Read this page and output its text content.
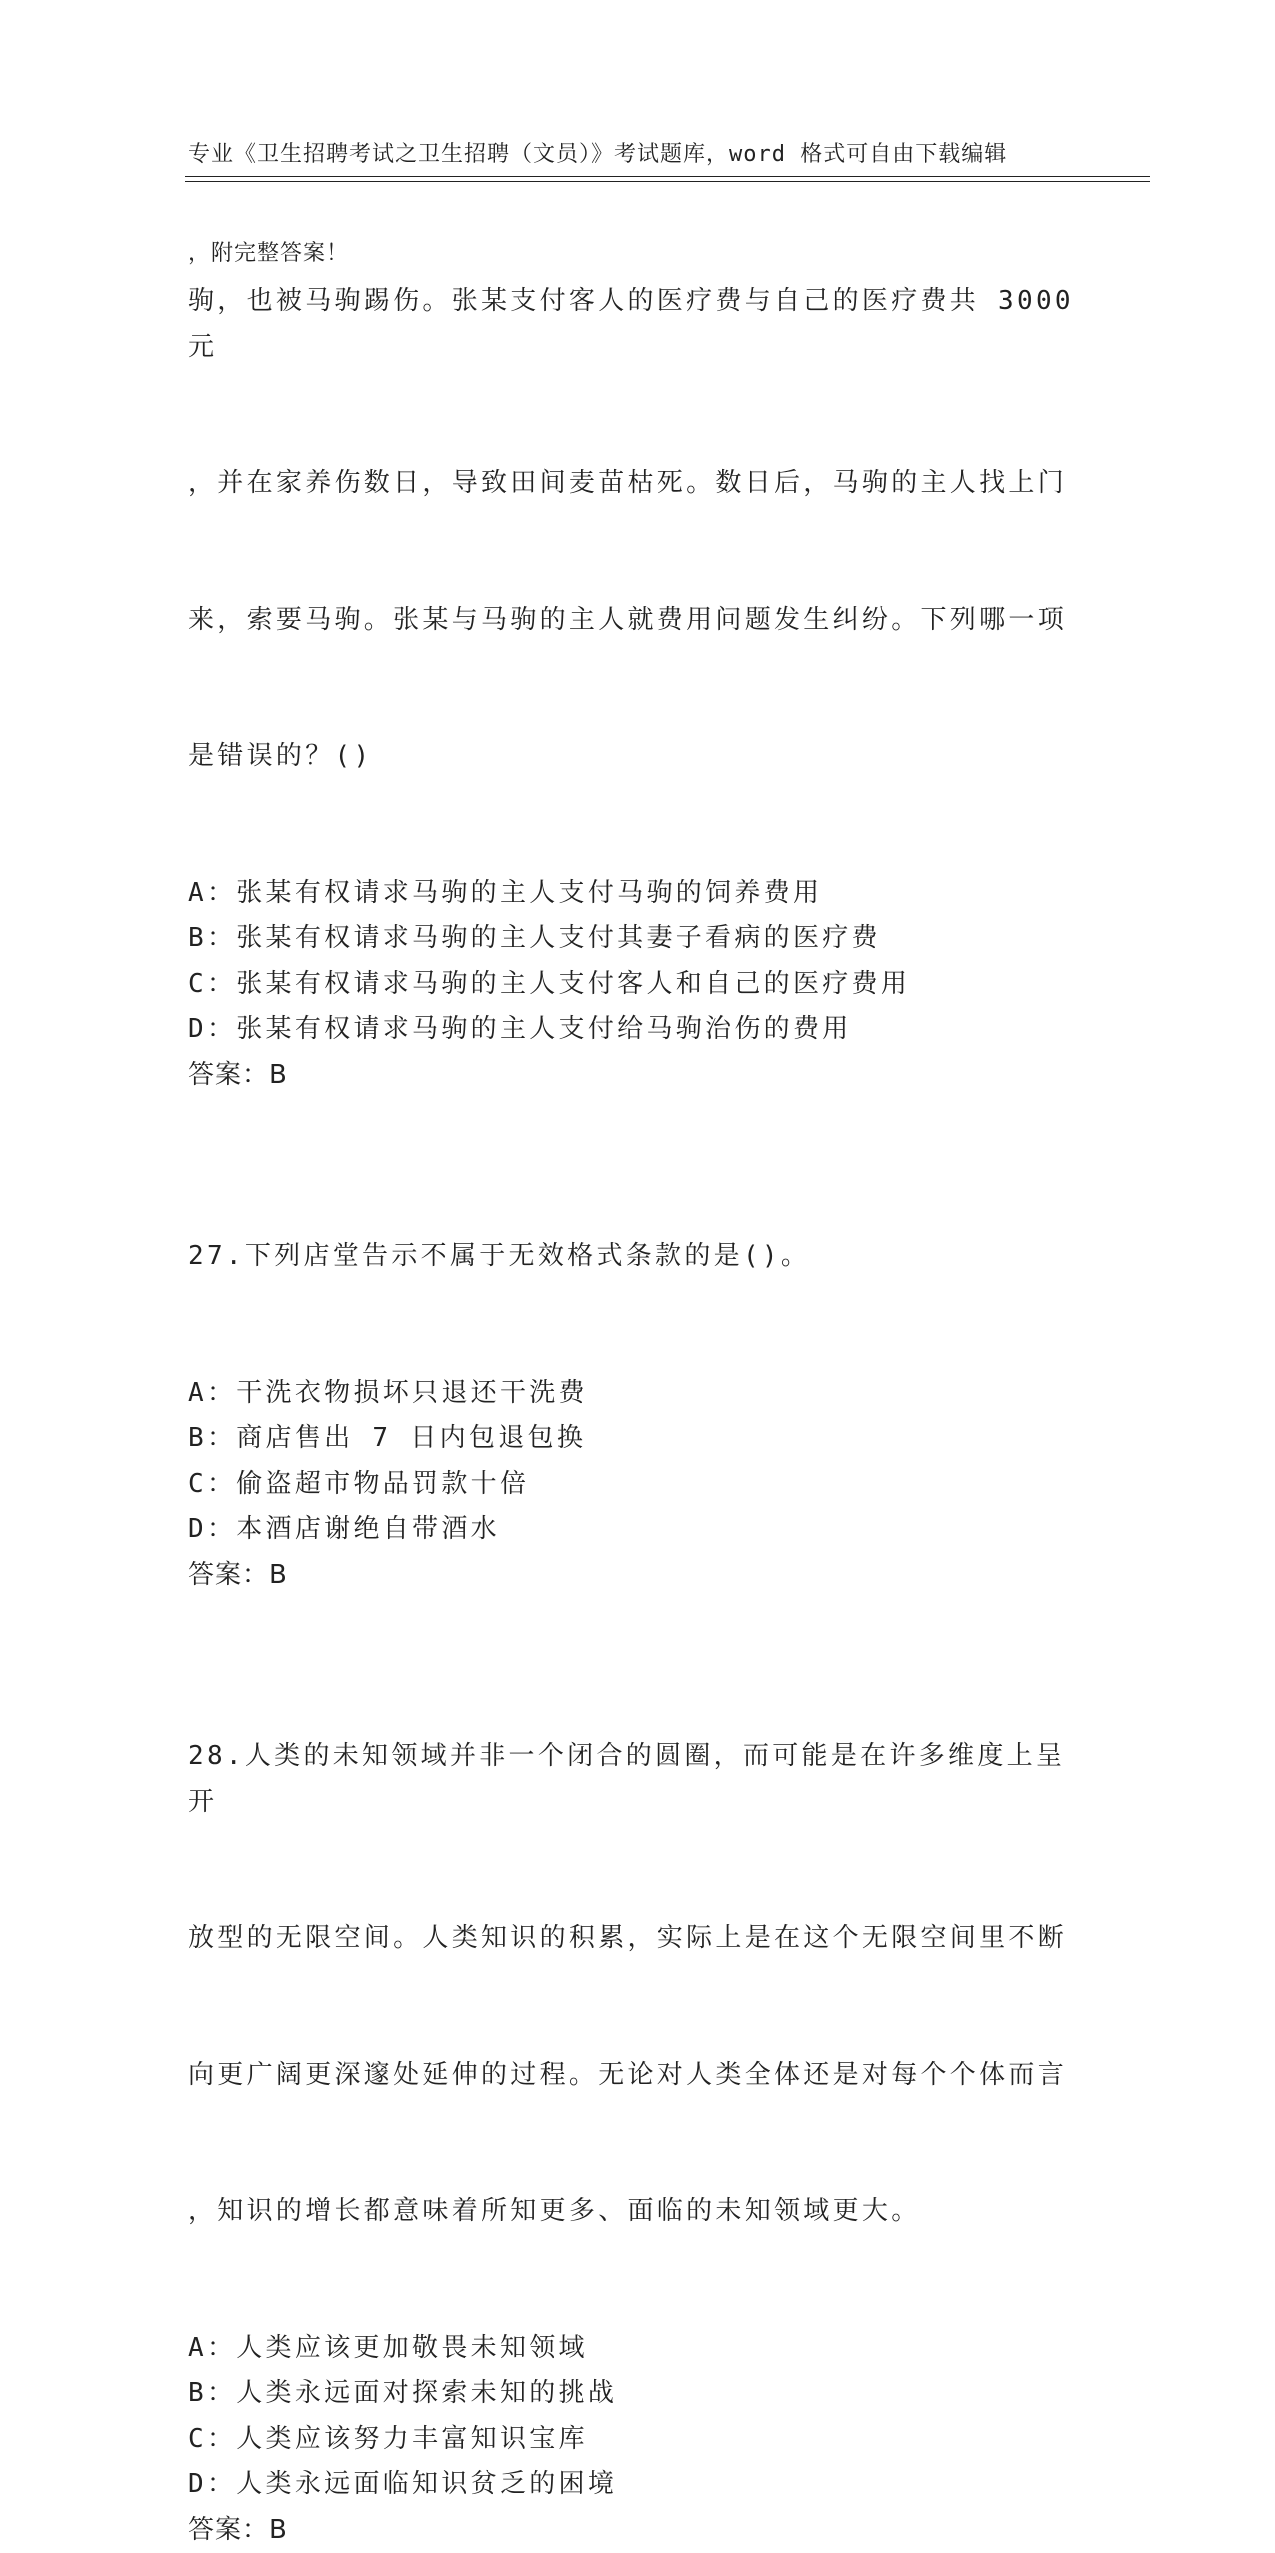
专业《卫生招聘考试之卫生招聘（文员）》考试题库，word 格式可自由下载编辑

，附完整答案！

驹，也被马驹踢伤。张某支付客人的医疗费与自己的医疗费共 3000 元

，并在家养伤数日，导致田间麦苗枯死。数日后，马驹的主人找上门

来，索要马驹。张某与马驹的主人就费用问题发生纠纷。下列哪一项

是错误的？()

A：张某有权请求马驹的主人支付马驹的饲养费用
B：张某有权请求马驹的主人支付其妻子看病的医疗费
C：张某有权请求马驹的主人支付客人和自己的医疗费用
D：张某有权请求马驹的主人支付给马驹治伤的费用
答案：B

27.下列店堂告示不属于无效格式条款的是()。

A：干洗衣物损坏只退还干洗费
B：商店售出 7 日内包退包换
C：偷盗超市物品罚款十倍
D：本酒店谢绝自带酒水
答案：B

28.人类的未知领域并非一个闭合的圆圈，而可能是在许多维度上呈开

放型的无限空间。人类知识的积累，实际上是在这个无限空间里不断

向更广阔更深邃处延伸的过程。无论对人类全体还是对每个个体而言

，知识的增长都意味着所知更多、面临的未知领域更大。

A：人类应该更加敬畏未知领域
B：人类永远面对探索未知的挑战
C：人类应该努力丰富知识宝库
D：人类永远面临知识贫乏的困境
答案：B
